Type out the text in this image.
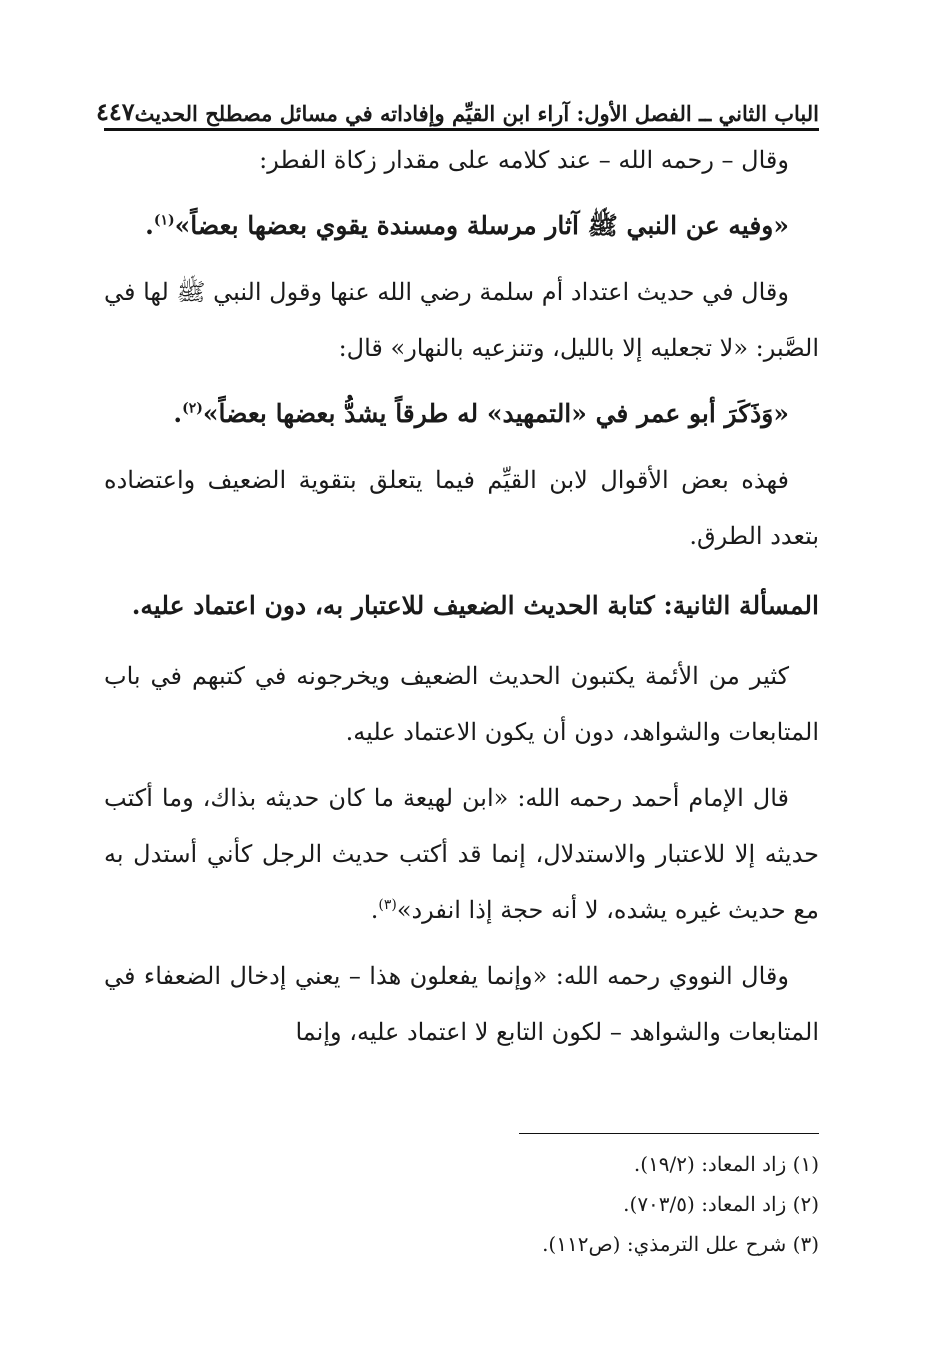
الباب الثاني ــ الفصل الأول: آراء ابن القيِّم وإفاداته في مسائل مصطلح الحديث
٤٤٧

وقال – رحمه الله – عند كلامه على مقدار زكاة الفطر:

«وفيه عن النبي ﷺ آثار مرسلة ومسندة يقوي بعضها بعضاً»$^{(١)}$.

وقال في حديث اعتداد أم سلمة رضي الله عنها وقول النبي ﷺ لها في الصَّبر: «لا تجعليه إلا بالليل، وتنزعيه بالنهار» قال:

«وَذَكَرَ أبو عمر في «التمهيد» له طرقاً يشدُّ بعضها بعضاً»$^{(٢)}$.

فهذه بعض الأقوال لابن القيِّم فيما يتعلق بتقوية الضعيف واعتضاده بتعدد الطرق.

المسألة الثانية: كتابة الحديث الضعيف للاعتبار به، دون اعتماد عليه.

كثير من الأئمة يكتبون الحديث الضعيف ويخرجونه في كتبهم في باب المتابعات والشواهد، دون أن يكون الاعتماد عليه.

قال الإمام أحمد رحمه الله: «ابن لهيعة ما كان حديثه بذاك، وما أكتب حديثه إلا للاعتبار والاستدلال، إنما قد أكتب حديث الرجل كأني أستدل به مع حديث غيره يشده، لا أنه حجة إذا انفرد»$^{(٣)}$.

وقال النووي رحمه الله: «وإنما يفعلون هذا – يعني إدخال الضعفاء في المتابعات والشواهد – لكون التابع لا اعتماد عليه، وإنما

(١) زاد المعاد: (١٩/٢).
(٢) زاد المعاد: (٧٠٣/٥).
(٣) شرح علل الترمذي: (ص١١٢).
